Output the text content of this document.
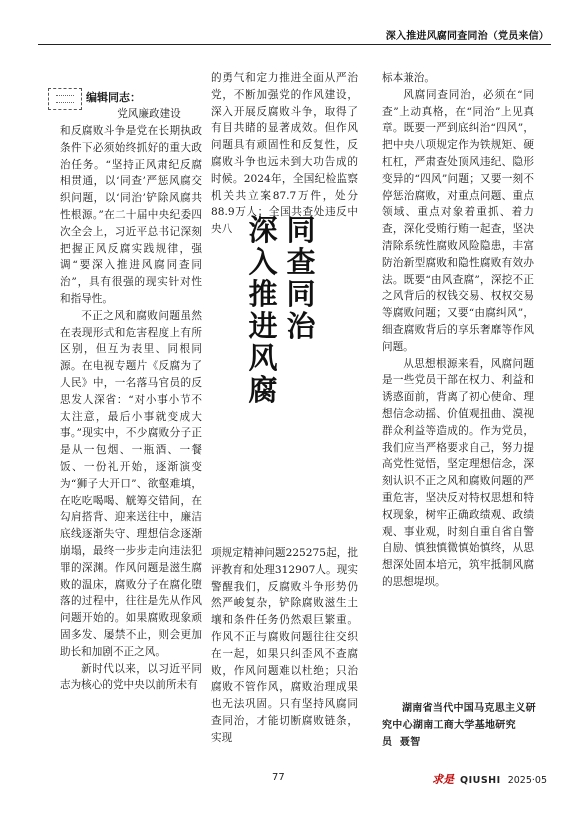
深入推进风腐同查同治（党员来信）
编辑同志：
党风廉政建设

和反腐败斗争是党在长期执政条件下必须始终抓好的重大政治任务。“坚持正风肃纪反腐相贯通，以‘同查’严惩风腐交织问题，以‘同治’铲除风腐共性根源。”在二十届中央纪委四次全会上，习近平总书记深刻把握正风反腐实践规律，强调“要深入推进风腐同查同治”，具有很强的现实针对性和指导性。

不正之风和腐败问题虽然在表现形式和危害程度上有所区别，但互为表里、同根同源。在电视专题片《反腐为了人民》中，一名落马官员的反思发人深省：“对小事小节不太注意，最后小事就变成大事。”现实中，不少腐败分子正是从一包烟、一瓶酒、一餐饭、一份礼开始，逐渐演变为“狮子大开口”、欲壑难填，在吃吃喝喝、觥筹交错间，在勾肩搭背、迎来送往中，廉洁底线逐渐失守、理想信念逐渐崩塌，最终一步步走向违法犯罪的深渊。作风问题是滋生腐败的温床，腐败分子在腐化堕落的过程中，往往是先从作风问题开始的。如果腐败现象顽固多发、屡禁不止，则会更加助长和加剧不正之风。

新时代以来，以习近平同志为核心的党中央以前所未有

的勇气和定力推进全面从严治党，不断加强党的作风建设，深入开展反腐败斗争，取得了有目共睹的显著成效。但作风问题具有顽固性和反复性，反腐败斗争也远未到大功告成的时候。2024年，全国纪检监察机关共立案87.7万件，处分88.9万人；全国共查处违反中央八 深
入
推
进
风
腐
同
查
同
治

项规定精神问题225275起，批评教育和处理312907人。现实警醒我们，反腐败斗争形势仍然严峻复杂，铲除腐败滋生土壤和条件任务仍然艰巨繁重。作风不正与腐败问题往往交织在一起，如果只纠歪风不查腐败，作风问题难以杜绝；只治腐败不管作风，腐败治理成果也无法巩固。只有坚持风腐同查同治，才能切断腐败链条，实现

标本兼治。

风腐同查同治，必须在“同查”上动真格，在“同治”上见真章。既要一严到底纠治“四风”，把中央八项规定作为铁规矩、硬杠杠，严肃查处顶风违纪、隐形变异的“四风”问题；又要一刻不停惩治腐败，对重点问题、重点领域、重点对象着重抓、着力查，深化受贿行贿一起查，坚决清除系统性腐败风险隐患，丰富防治新型腐败和隐性腐败有效办法。既要“由风查腐”，深挖不正之风背后的权钱交易、权权交易等腐败问题；又要“由腐纠风”，细查腐败背后的享乐奢靡等作风问题。

从思想根源来看，风腐问题是一些党员干部在权力、利益和诱惑面前，背离了初心使命、理想信念动摇、价值观扭曲、漠视群众利益等造成的。作为党员，我们应当严格要求自己，努力提高党性觉悟，坚定理想信念，深刻认识不正之风和腐败问题的严重危害，坚决反对特权思想和特权现象，树牢正确政绩观、政绩观、事业观，时刻自重自省自警自励、慎独慎微慎始慎终，从思想深处固本培元，筑牢抵制风腐的思想堤坝。

湖南省当代中国马克思主义研究中心湖南工商大学基地研究员 聂智

77	求是 QIUSHI 2025·05
